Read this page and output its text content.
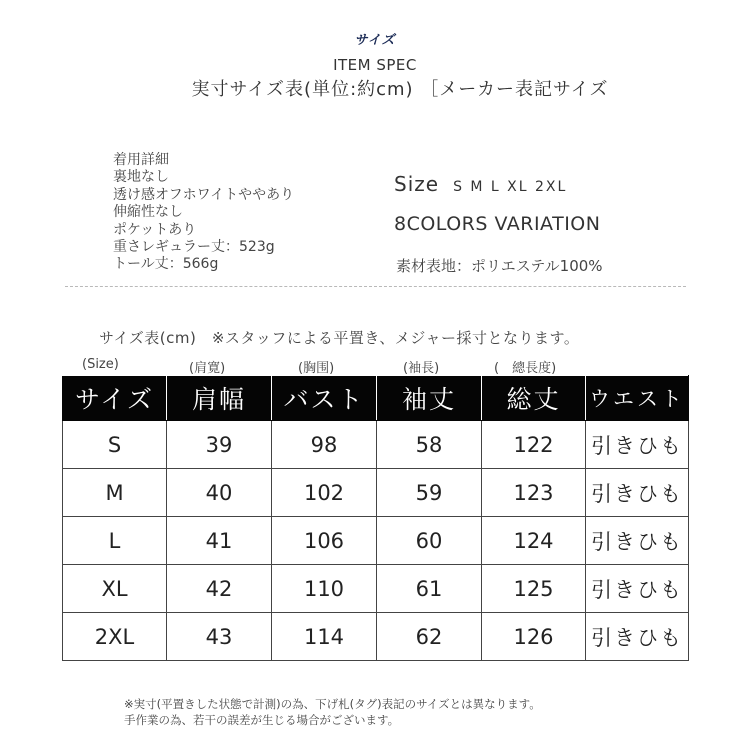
サイズ
ITEM SPEC
実寸サイズ表(単位:約cm) ［メーカー表記サイズ
着用詳細
裏地なし
透け感オフホワイトややあり
伸縮性なし
ポケットあり
重さレギュラー丈：523g
トール丈：566g
Size S M L XL 2XL
8COLORS VARIATION
素材表地：ポリエステル100%
サイズ表(cm)　※スタッフによる平置き、メジャー採寸となります。
(Size)	(肩寛)	(胸围)	(袖長)	(　總長度)
サイズ	肩幅	バスト	袖丈	総丈	ウエスト
S	39	98	58	122	引きひも
M	40	102	59	123	引きひも
L	41	106	60	124	引きひも
XL	42	110	61	125	引きひも
2XL	43	114	62	126	引きひも
※実寸(平置きした状態で計測)の為、下げ札(タグ)表記のサイズとは異なります。
手作業の為、若干の誤差が生じる場合がございます。
